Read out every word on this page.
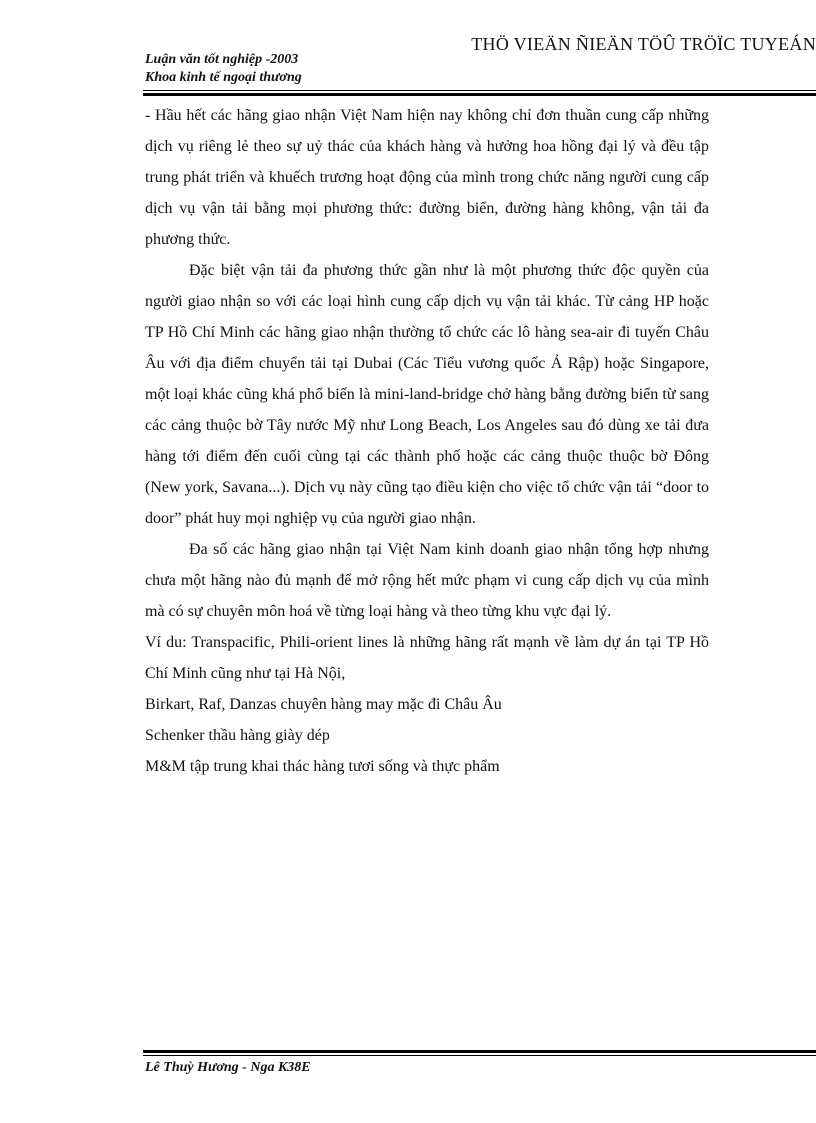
Luận văn tốt nghiệp -2003
Khoa kinh tế ngoại thương
THÖ VIEÄN ÑIEÄN TÖÛ TRÖÏC TUYEÁN

- Hầu hết các hãng giao nhận Việt Nam hiện nay không chỉ đơn thuần cung cấp những dịch vụ riêng lẻ theo sự uỷ thác của khách hàng và hưởng hoa hồng đại lý và đều tập trung phát triển và khuếch trương hoạt động của mình trong chức năng người cung cấp dịch vụ vận tải bằng mọi phương thức: đường biển, đường hàng không, vận tải đa phương thức.

Đặc biệt vận tải đa phương thức gần như là một phương thức độc quyền của người giao nhận so với các loại hình cung cấp dịch vụ vận tải khác. Từ cảng HP hoặc TP Hồ Chí Minh các hãng giao nhận thường tổ chức các lô hàng sea-air đi tuyến Châu Âu với địa điểm chuyển tải tại Dubai (Các Tiểu vương quốc Ả Rập) hoặc Singapore, một loại khác cũng khá phổ biến là mini-land-bridge chở hàng bằng đường biển từ sang các cảng thuộc bờ Tây nước Mỹ như Long Beach, Los Angeles sau đó dùng xe tải đưa hàng tới điểm đến cuối cùng tại các thành phố hoặc các cảng thuộc thuộc bờ Đông (New york, Savana...). Dịch vụ này cũng tạo điều kiện cho việc tổ chức vận tải “door to door” phát huy mọi nghiệp vụ của người giao nhận.

Đa số các hãng giao nhận tại Việt Nam kinh doanh giao nhận tổng hợp nhưng chưa một hãng nào đủ mạnh để mở rộng hết mức phạm vi cung cấp dịch vụ của mình mà có sự chuyên môn hoá về từng loại hàng và theo từng khu vực đại lý.

Ví du: Transpacific, Phili-orient lines là những hãng rất mạnh về làm dự án tại TP Hồ Chí Minh cũng như tại Hà Nội,

Birkart, Raf, Danzas chuyên hàng may mặc đi Châu Âu

Schenker thầu hàng giày dép

M&M tập trung khai thác hàng tươi sống và thực phẩm

Lê Thuỳ Hương - Nga K38E
